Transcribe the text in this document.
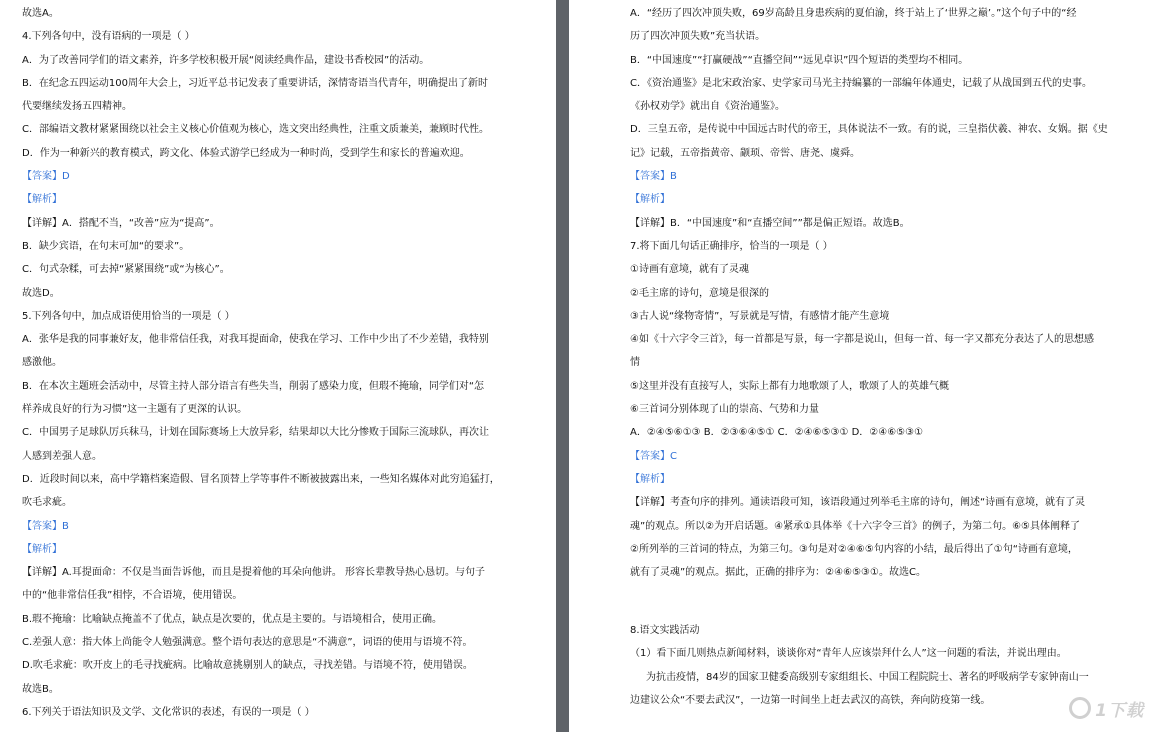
故选A。
4.下列各句中，没有语病的一项是（ ）
A．为了改善同学们的语文素养，许多学校积极开展“阅读经典作品，建设书香校园”的活动。
B．在纪念五四运动100周年大会上，习近平总书记发表了重要讲话，深情寄语当代青年，明确提出了新时
代要继续发扬五四精神。
C．部编语文教材紧紧围绕以社会主义核心价值观为核心，选文突出经典性，注重文质兼美，兼顾时代性。
D．作为一种新兴的教育模式，跨文化、体验式游学已经成为一种时尚，受到学生和家长的普遍欢迎。
【答案】D
【解析】
【详解】A．搭配不当，“改善”应为“提高”。
B．缺少宾语，在句末可加“的要求”。
C．句式杂糅，可去掉“紧紧围绕”或“为核心”。
故选D。
5.下列各句中，加点成语使用恰当的一项是（ ）
A．张华是我的同事兼好友，他非常信任我，对我耳提面命，使我在学习、工作中少出了不少差错，我特别
感激他。
B．在本次主题班会活动中，尽管主持人部分语言有些失当，削弱了感染力度，但瑕不掩瑜，同学们对“怎
样养成良好的行为习惯”这一主题有了更深的认识。
C．中国男子足球队厉兵秣马，计划在国际赛场上大放异彩，结果却以大比分惨败于国际三流球队，再次让
人感到差强人意。
D．近段时间以来，高中学籍档案造假、冒名顶替上学等事件不断被披露出来，一些知名媒体对此穷追猛打，
吹毛求疵。
【答案】B
【解析】
【详解】A.耳提面命：不仅是当面告诉他，而且是提着他的耳朵向他讲。 形容长辈教导热心恳切。与句子
中的“他非常信任我”相悖，不合语境，使用错误。
B.瑕不掩瑜：比喻缺点掩盖不了优点，缺点是次要的，优点是主要的。与语境相合，使用正确。
C.差强人意：指大体上尚能令人勉强满意。整个语句表达的意思是“不满意”，词语的使用与语境不符。
D.吹毛求疵：吹开皮上的毛寻找疵病。比喻故意挑剔别人的缺点，寻找差错。与语境不符，使用错误。
故选B。
6.下列关于语法知识及文学、文化常识的表述，有误的一项是（ ）
A．“经历了四次冲顶失败，69岁高龄且身患疾病的夏伯渝，终于站上了‘世界之巅’。”这个句子中的“经
历了四次冲顶失败”充当状语。
B．“中国速度”“打赢硬战”“直播空间”“远见卓识”四个短语的类型均不相同。
C．《资治通鉴》是北宋政治家、史学家司马光主持编纂的一部编年体通史，记载了从战国到五代的史事。
《孙权劝学》就出自《资治通鉴》。
D．三皇五帝，是传说中中国远古时代的帝王，具体说法不一致。有的说，三皇指伏羲、神农、女娲。据《史
记》记载，五帝指黄帝、颛顼、帝喾、唐尧、虞舜。
【答案】B
【解析】
【详解】B．“中国速度”和“直播空间””都是偏正短语。故选B。
7.将下面几句话正确排序，恰当的一项是（ ）
①诗画有意境，就有了灵魂
②毛主席的诗句，意境是很深的
③古人说“缘物寄情”，写景就是写情，有感情才能产生意境
④如《十六字令三首》，每一首都是写景，每一字都是说山，但每一首、每一字又都充分表达了人的思想感
情
⑤这里并没有直接写人，实际上都有力地歌颂了人，歌颂了人的英雄气概
⑥三首词分别体现了山的崇高、气势和力量
A．②④⑤⑥①③ B．②③⑥④⑤① C．②④⑥⑤③① D．②④⑥⑤③①
【答案】C
【解析】
【详解】考查句序的排列。通读语段可知，该语段通过列举毛主席的诗句，阐述“诗画有意境，就有了灵
魂”的观点。所以②为开启话题。④紧承①具体举《十六字令三首》的例子，为第二句。⑥⑤具体阐释了
②所列举的三首词的特点，为第三句。③句是对②④⑥⑤句内容的小结，最后得出了①句“诗画有意境，
就有了灵魂”的观点。据此，正确的排序为：②④⑥⑤③①。故选C。
8.语文实践活动
（1）看下面几则热点新闻材料，谈谈你对“青年人应该崇拜什么人”这一问题的看法，并说出理由。
为抗击疫情，84岁的国家卫健委高级别专家组组长、中国工程院院士、著名的呼吸病学专家钟南山一
边建议公众“不要去武汉”，一边第一时间坐上赶去武汉的高铁，奔向防疫第一线。	1下载
